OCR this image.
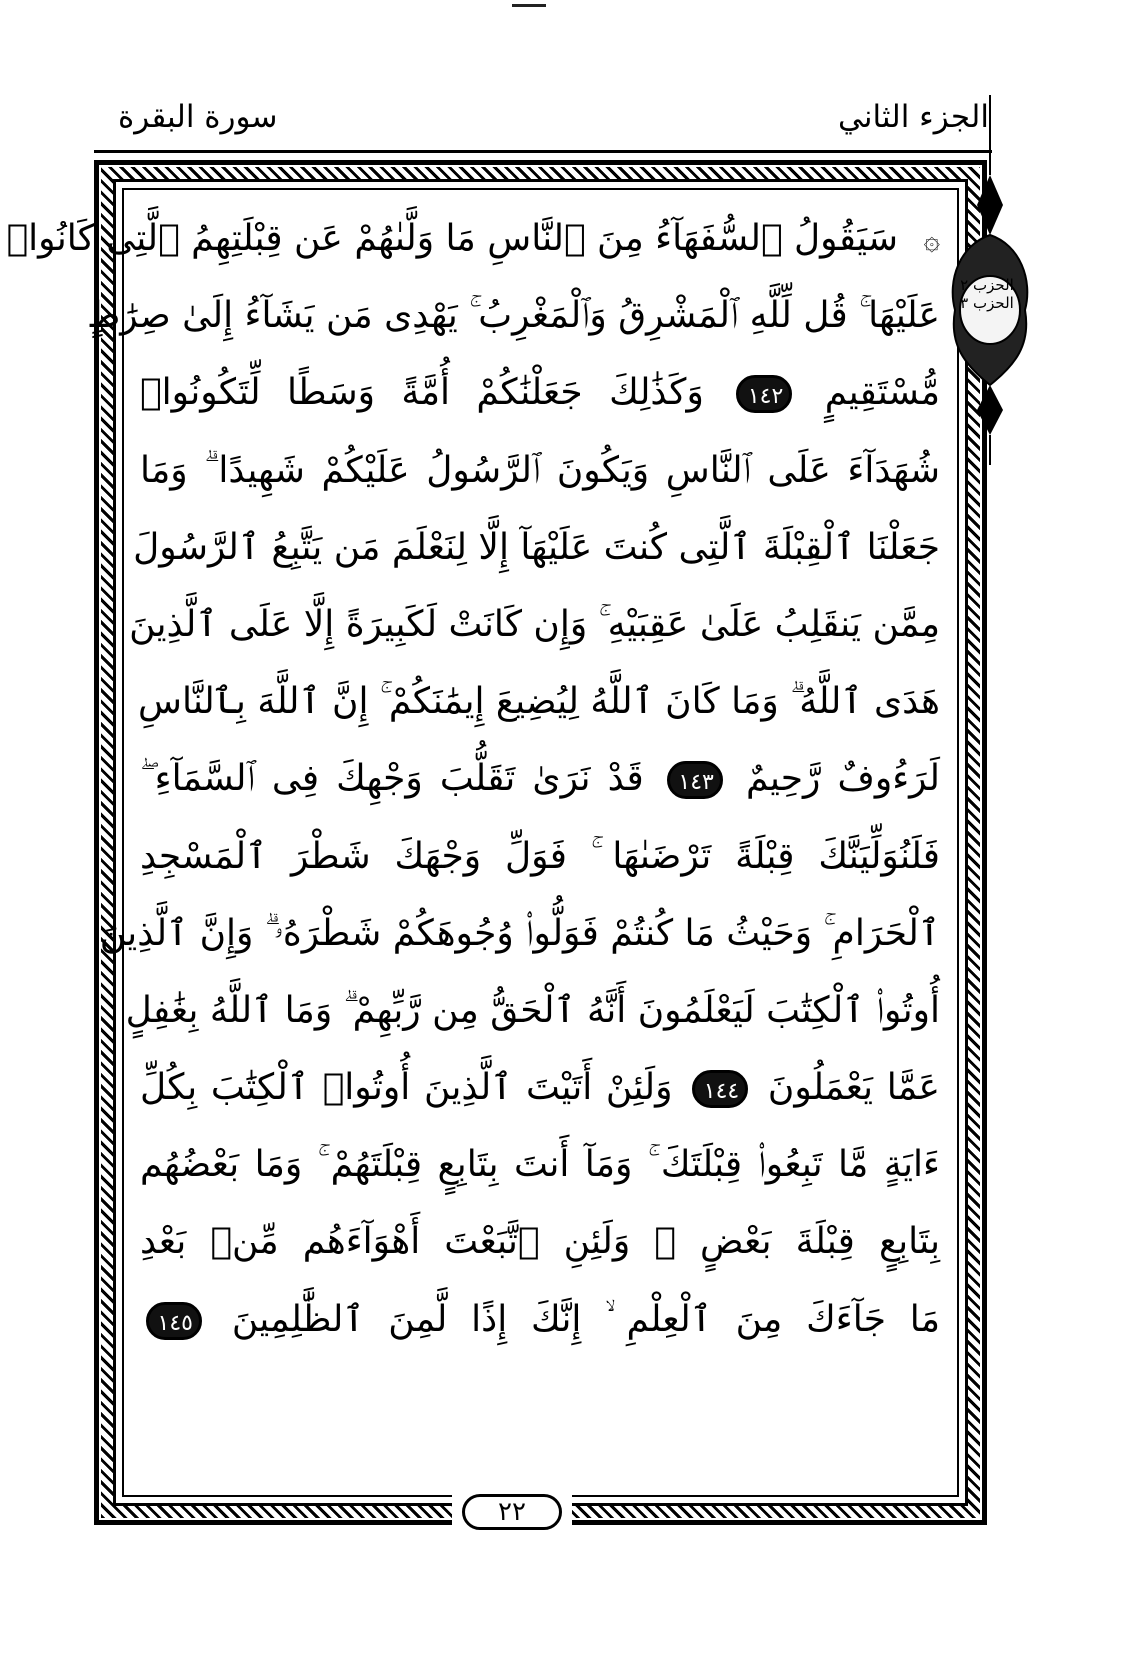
الجزء الثاني
سورة البقرة
۞سَيَقُولُ ٱلسُّفَهَآءُ مِنَ ٱلنَّاسِ مَا وَلَّىٰهُمْ عَن قِبْلَتِهِمُ ٱلَّتِى كَانُوا۟
عَلَيْهَا ۚ قُل لِّلَّهِ ٱلْمَشْرِقُ وَٱلْمَغْرِبُ ۚ يَهْدِى مَن يَشَآءُ إِلَىٰ صِرَٰطٍ
مُّسْتَقِيمٍ ١٤٢ وَكَذَٰلِكَ جَعَلْنَٰكُمْ أُمَّةً وَسَطًا لِّتَكُونُوا۟
شُهَدَآءَ عَلَى ٱلنَّاسِ وَيَكُونَ ٱلرَّسُولُ عَلَيْكُمْ شَهِيدًا ۗ وَمَا
جَعَلْنَا ٱلْقِبْلَةَ ٱلَّتِى كُنتَ عَلَيْهَآ إِلَّا لِنَعْلَمَ مَن يَتَّبِعُ ٱلرَّسُولَ
مِمَّن يَنقَلِبُ عَلَىٰ عَقِبَيْهِ ۚ وَإِن كَانَتْ لَكَبِيرَةً إِلَّا عَلَى ٱلَّذِينَ
هَدَى ٱللَّهُ ۗ وَمَا كَانَ ٱللَّهُ لِيُضِيعَ إِيمَٰنَكُمْ ۚ إِنَّ ٱللَّهَ بِٱلنَّاسِ
لَرَءُوفٌ رَّحِيمٌ ١٤٣ قَدْ نَرَىٰ تَقَلُّبَ وَجْهِكَ فِى ٱلسَّمَآءِ ۖ
فَلَنُوَلِّيَنَّكَ قِبْلَةً تَرْضَىٰهَا ۚ فَوَلِّ وَجْهَكَ شَطْرَ ٱلْمَسْجِدِ
ٱلْحَرَامِ ۚ وَحَيْثُ مَا كُنتُمْ فَوَلُّوا۟ وُجُوهَكُمْ شَطْرَهُۥ ۗ وَإِنَّ ٱلَّذِينَ
أُوتُوا۟ ٱلْكِتَٰبَ لَيَعْلَمُونَ أَنَّهُ ٱلْحَقُّ مِن رَّبِّهِمْ ۗ وَمَا ٱللَّهُ بِغَٰفِلٍ
عَمَّا يَعْمَلُونَ ١٤٤ وَلَئِنْ أَتَيْتَ ٱلَّذِينَ أُوتُوا۟ ٱلْكِتَٰبَ بِكُلِّ
ءَايَةٍ مَّا تَبِعُوا۟ قِبْلَتَكَ ۚ وَمَآ أَنتَ بِتَابِعٍ قِبْلَتَهُمْ ۚ وَمَا بَعْضُهُم
بِتَابِعٍ قِبْلَةَ بَعْضٍ ۚ وَلَئِنِ ٱتَّبَعْتَ أَهْوَآءَهُم مِّنۢ بَعْدِ
مَا جَآءَكَ مِنَ ٱلْعِلْمِ ۙ إِنَّكَ إِذًا لَّمِنَ ٱلظَّٰلِمِينَ ١٤٥
٢٢
الحزب ٢
الحزب ٣
